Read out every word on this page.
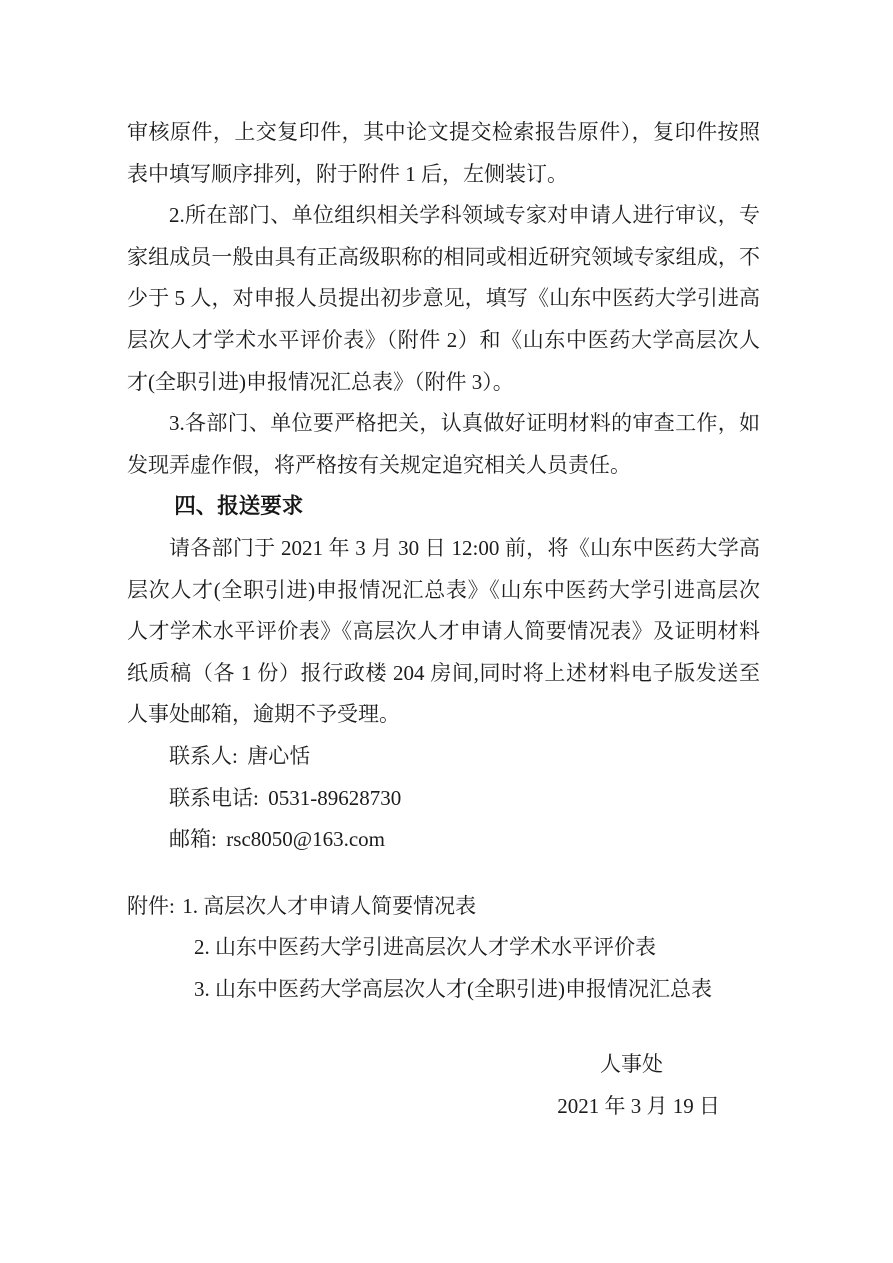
审核原件，上交复印件，其中论文提交检索报告原件），复印件按照表中填写顺序排列，附于附件 1 后，左侧装订。

2.所在部门、单位组织相关学科领域专家对申请人进行审议，专家组成员一般由具有正高级职称的相同或相近研究领域专家组成，不少于 5 人，对申报人员提出初步意见，填写《山东中医药大学引进高层次人才学术水平评价表》（附件 2）和《山东中医药大学高层次人才(全职引进)申报情况汇总表》（附件 3）。

3.各部门、单位要严格把关，认真做好证明材料的审查工作，如发现弄虚作假，将严格按有关规定追究相关人员责任。

四、报送要求

请各部门于 2021 年 3 月 30 日 12:00 前，将《山东中医药大学高层次人才(全职引进)申报情况汇总表》《山东中医药大学引进高层次人才学术水平评价表》《高层次人才申请人简要情况表》及证明材料纸质稿（各 1 份）报行政楼 204 房间,同时将上述材料电子版发送至人事处邮箱，逾期不予受理。

联系人: 唐心恬

联系电话: 0531-89628730

邮箱: rsc8050@163.com

附件: 1. 高层次人才申请人简要情况表

2. 山东中医药大学引进高层次人才学术水平评价表

3. 山东中医药大学高层次人才(全职引进)申报情况汇总表

人事处

2021 年 3 月 19 日
